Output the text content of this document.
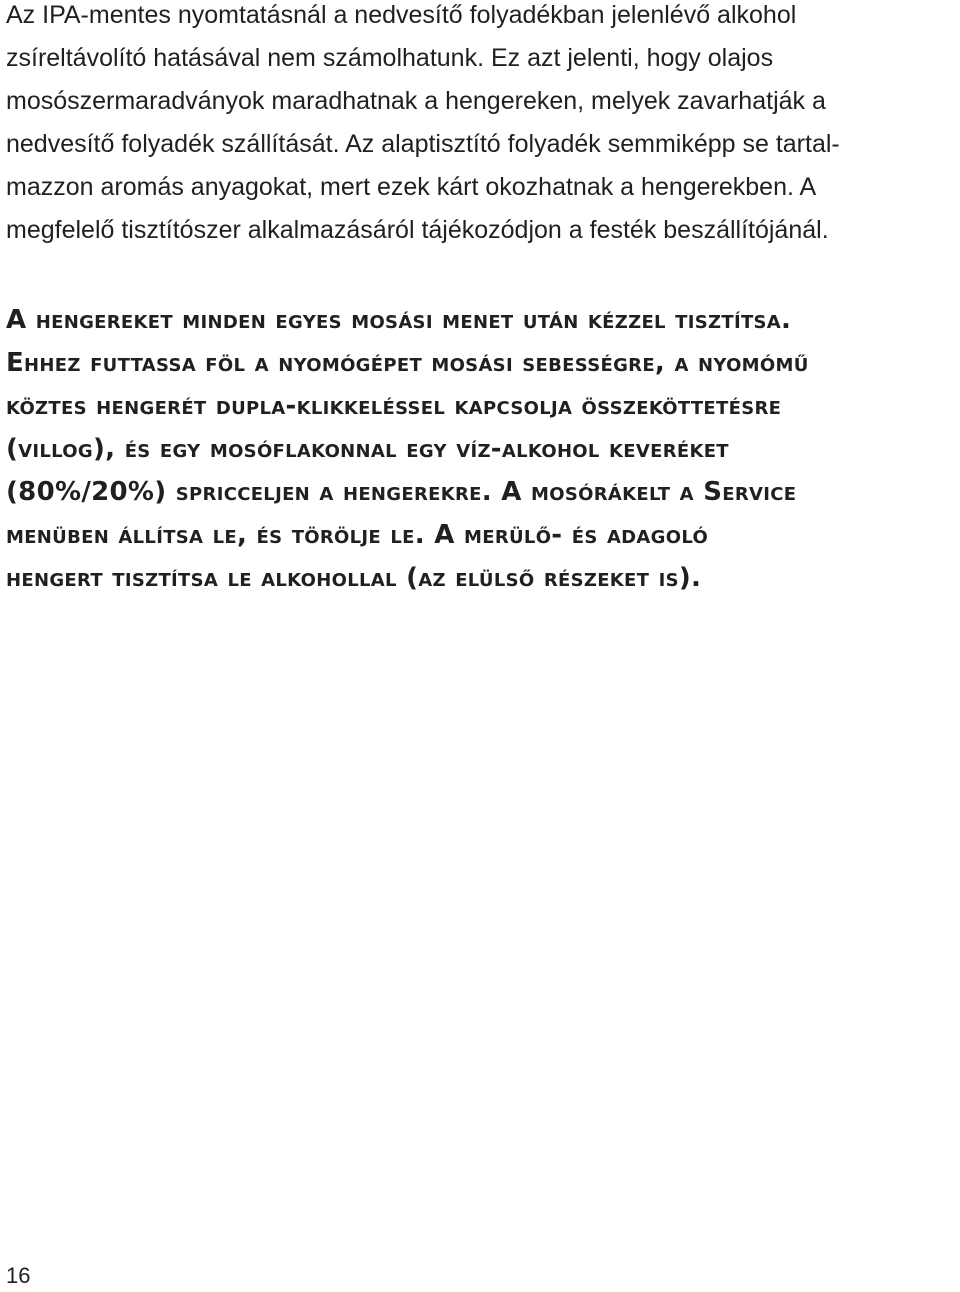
Az IPA-mentes nyomtatásnál a nedvesítő folyadékban jelenlévő alkohol
zsíreltávolító hatásával nem számolhatunk. Ez azt jelenti, hogy olajos
mosószermaradványok maradhatnak a hengereken, melyek zavarhatják a
nedvesítő folyadék szállítását. Az alaptisztító folyadék semmiképp se tartal-
mazzon aromás anyagokat, mert ezek kárt okozhatnak a hengerekben. A
megfelelő tisztítószer alkalmazásáról tájékozódjon a festék beszállítójánál.

A hengereket minden egyes mosási menet után kézzel tisztítsa.
Ehhez futtassa föl a nyomógépet mosási sebességre, a nyomómű
köztes hengerét dupla-klikkeléssel kapcsolja összeköttetésre
(villog), és egy mosóflakonnal egy víz-alkohol keveréket
(80%/20%) spricceljen a hengerekre. A mosórákelt a Service
menüben állítsa le, és törölje le. A merülő- és adagoló
hengert tisztítsa le alkohollal (az elülső részeket is).

16
